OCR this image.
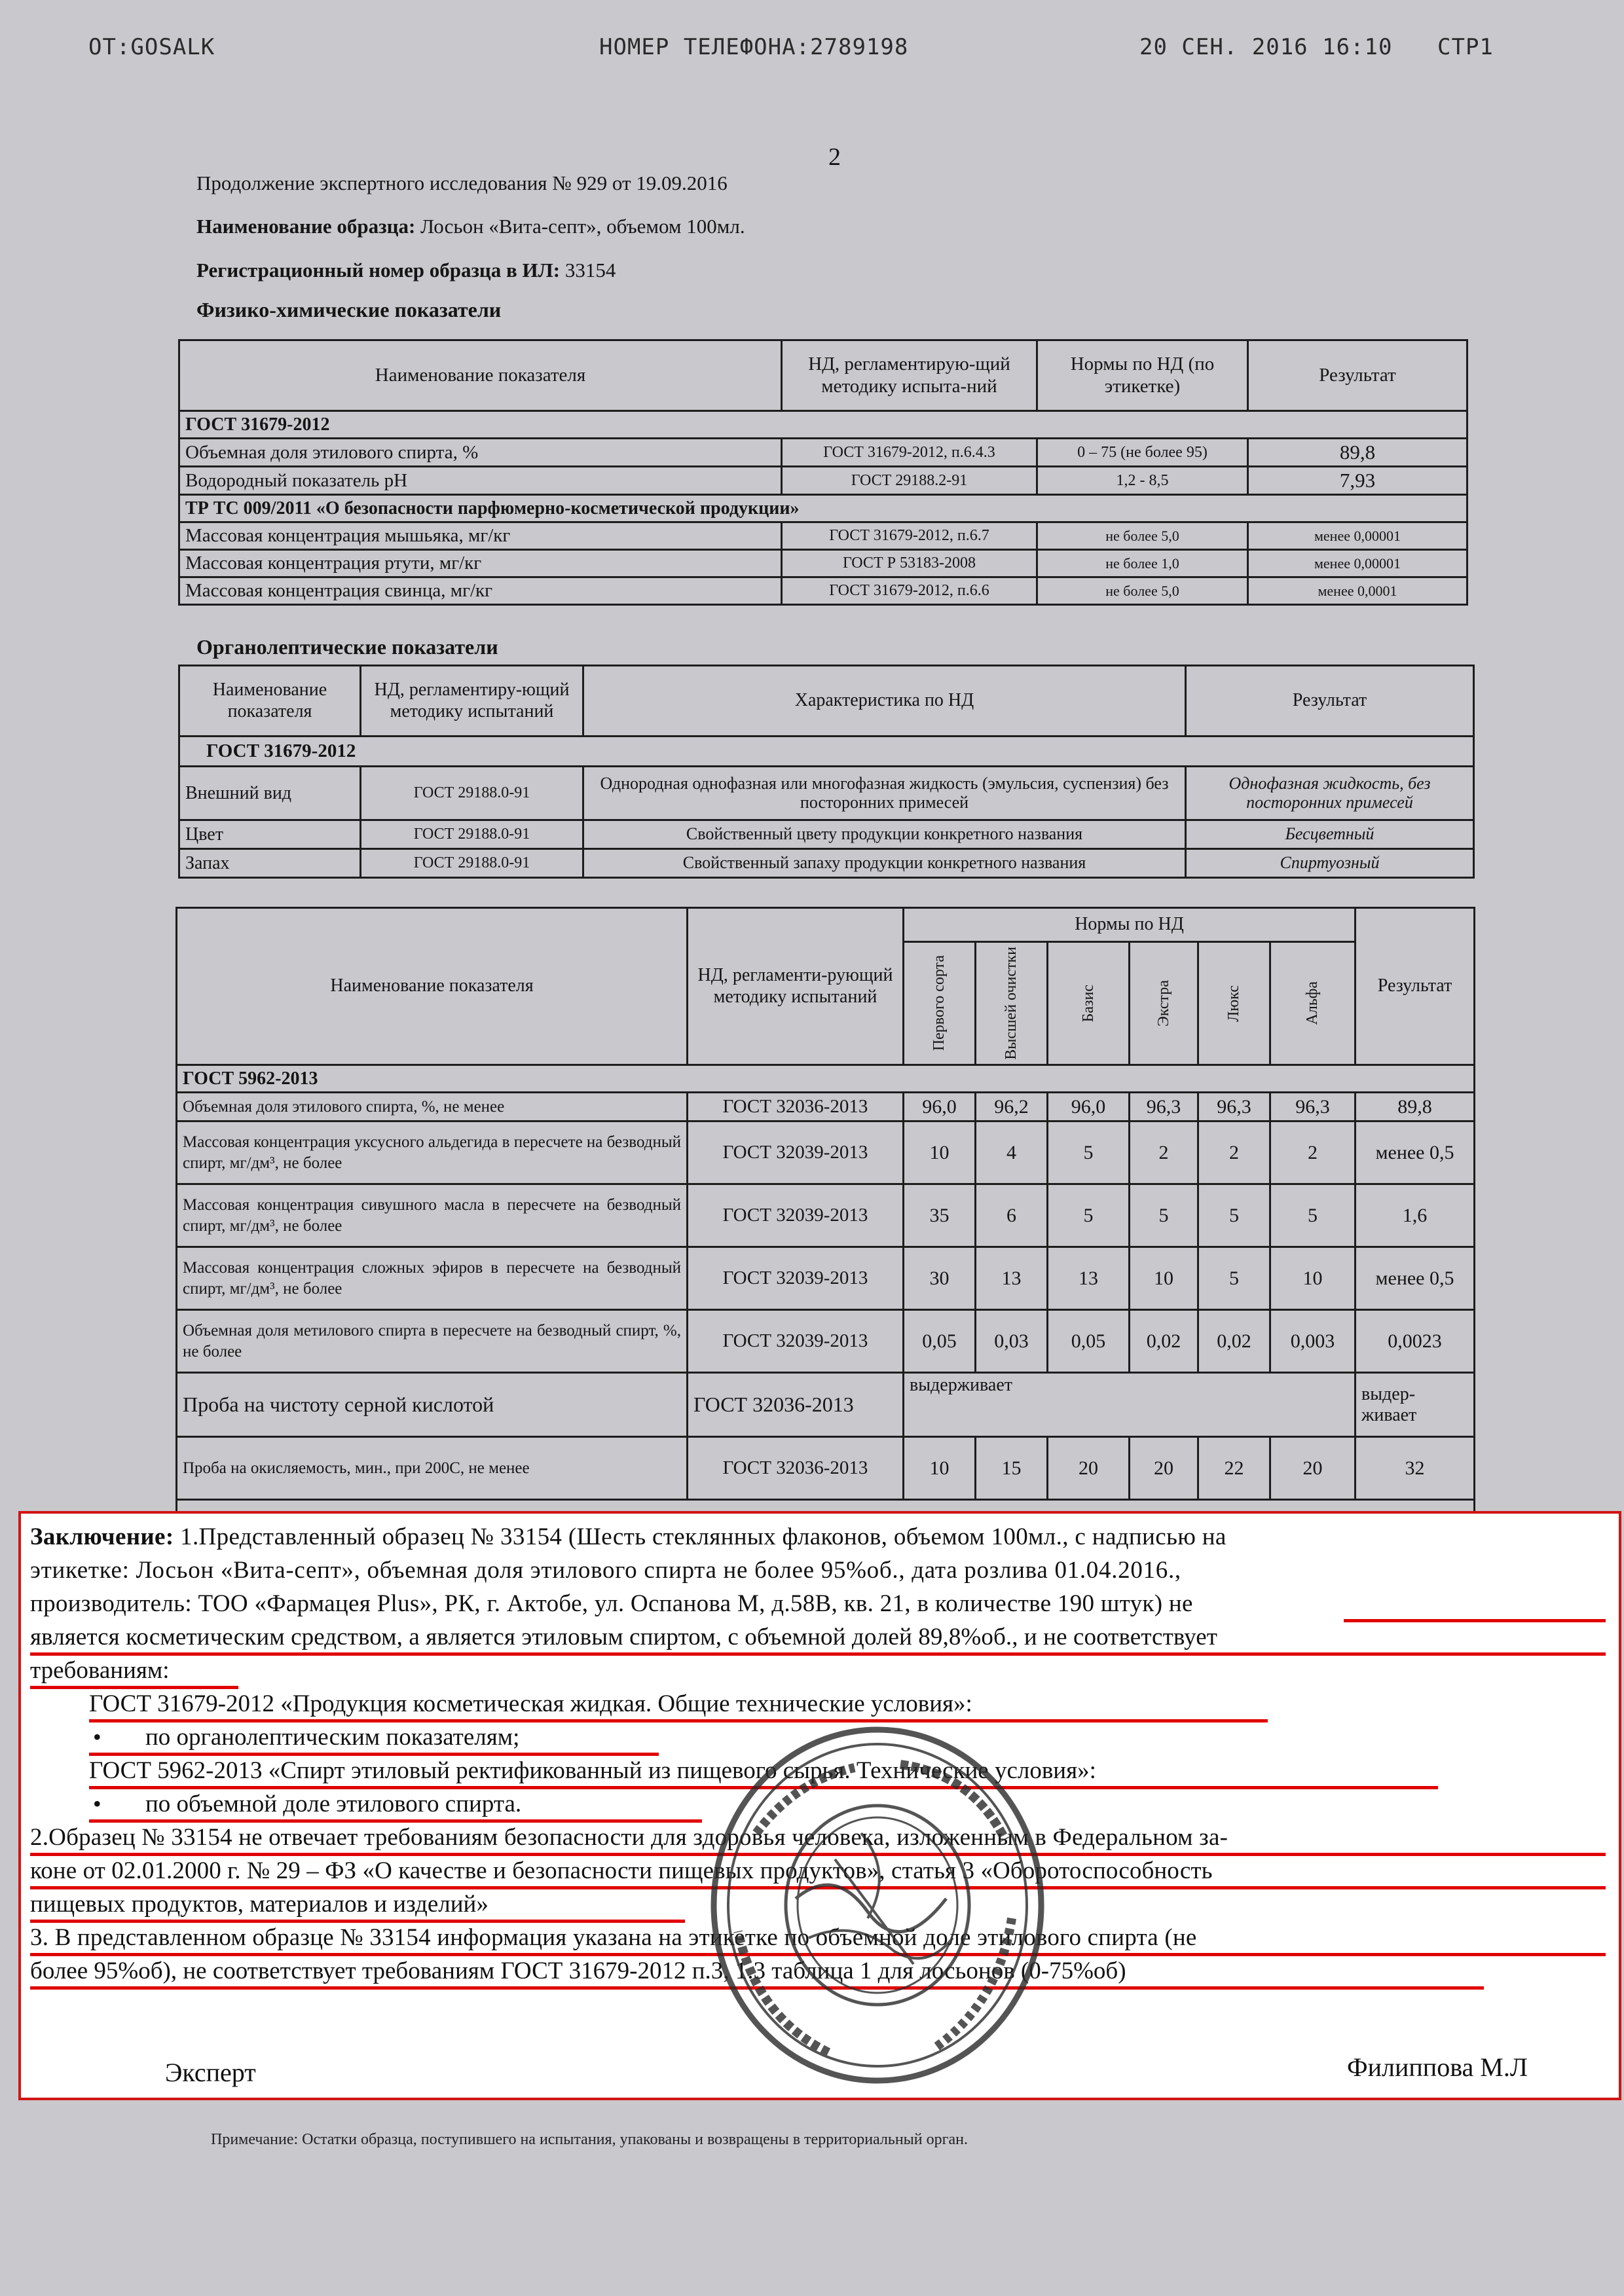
OT:GOSALK	НОМЕР ТЕЛЕФОНА:2789198	20 СЕН. 2016 16:10 СТР1
2
Продолжение экспертного исследования № 929 от 19.09.2016
Наименование образца: Лосьон «Вита-септ», объемом 100мл.
Регистрационный номер образца в ИЛ: 33154
Физико-химические показатели
Наименование показателя	НД, регламентирую-щий методику испыта-ний	Нормы по НД (по этикетке)	Результат
ГОСТ 31679-2012			
Объемная доля этилового спирта, %	ГОСТ 31679-2012, п.6.4.3	0 – 75 (не более 95)	89,8
Водородный показатель pH	ГОСТ 29188.2-91	1,2 - 8,5	7,93
ТР ТС 009/2011 «О безопасности парфюмерно-косметической продукции»			
Массовая концентрация мышьяка, мг/кг	ГОСТ 31679-2012, п.6.7	не более 5,0	менее 0,00001
Массовая концентрация ртути, мг/кг	ГОСТ Р 53183-2008	не более 1,0	менее 0,00001
Массовая концентрация свинца, мг/кг	ГОСТ 31679-2012, п.6.6	не более 5,0	менее 0,0001
Органолептические показатели
Наименование показателя	НД, регламентиру-ющий методику испытаний	Характеристика по НД	Результат
ГОСТ 31679-2012			
Внешний вид	ГОСТ 29188.0-91	Однородная однофазная или многофазная жидкость (эмульсия, суспензия) без посторонних примесей	Однофазная жидкость, без посторонних примесей
Цвет	ГОСТ 29188.0-91	Свойственный цвету продукции конкретного названия	Бесцветный
Запах	ГОСТ 29188.0-91	Свойственный запаху продукции конкретного названия	Спиртуозный
Наименование показателя	НД, регламенти-рующий методику испытаний	Нормы по НД						Результат

		Первого сорта	Высшей очистки	Базис	Экстра	Люкс	Альфа	

ГОСТ 5962-2013								
Объемная доля этилового спирта, %, не менее	ГОСТ 32036-2013	96,0	96,2	96,0	96,3	96,3	96,3	89,8
Массовая концентрация уксусного альдегида в пересчете на безводный спирт, мг/дм³, не более	ГОСТ 32039-2013	10	4	5	2	2	2	менее 0,5
Массовая концентрация сивушного масла в пересчете на безводный спирт, мг/дм³, не более	ГОСТ 32039-2013	35	6	5	5	5	5	1,6
Массовая концентрация сложных эфиров в пересчете на безводный спирт, мг/дм³, не более	ГОСТ 32039-2013	30	13	13	10	5	10	менее 0,5
Объемная доля метилового спирта в пересчете на безводный спирт, %, не более	ГОСТ 32039-2013	0,05	0,03	0,05	0,02	0,02	0,003	0,0023
Проба на чистоту серной кислотой	ГОСТ 32036-2013	выдерживает						выдер-живает
Проба на окисляемость, мин., при 200С, не менее	ГОСТ 32036-2013	10	15	20	20	22	20	32

Заключение: 1.Представленный образец № 33154 (Шесть стеклянных флаконов, объемом 100мл., с надписью на
этикетке: Лосьон «Вита-септ», объемная доля этилового спирта не более 95%об., дата розлива 01.04.2016.,
производитель: ТОО «Фармацея Plus», РК, г. Актобе, ул. Оспанова М, д.58В, кв. 21, в количестве 190 штук) не
является косметическим средством, а является этиловым спиртом, с объемной долей 89,8%об., и не соответствует
требованиям:
ГОСТ 31679-2012 «Продукция косметическая жидкая. Общие технические условия»:
• по органолептическим показателям;
ГОСТ 5962-2013 «Спирт этиловый ректификованный из пищевого сырья. Технические условия»:
• по объемной доле этилового спирта.
2.Образец № 33154 не отвечает требованиям безопасности для здоровья человека, изложенным в Федеральном за-
коне от 02.01.2000 г. № 29 – ФЗ «О качестве и безопасности пищевых продуктов», статья 3 «Оборотоспособность
пищевых продуктов, материалов и изделий»
3. В представленном образце № 33154 информация указана на этикетке по объемной доле этилового спирта (не
более 95%об), не соответствует требованиям ГОСТ 31679-2012 п.3, 1.3 таблица 1 для лосьонов (0-75%об)
Эксперт	Филиппова М.Л
Примечание: Остатки образца, поступившего на испытания, упакованы и возвращены в территориальный орган.
